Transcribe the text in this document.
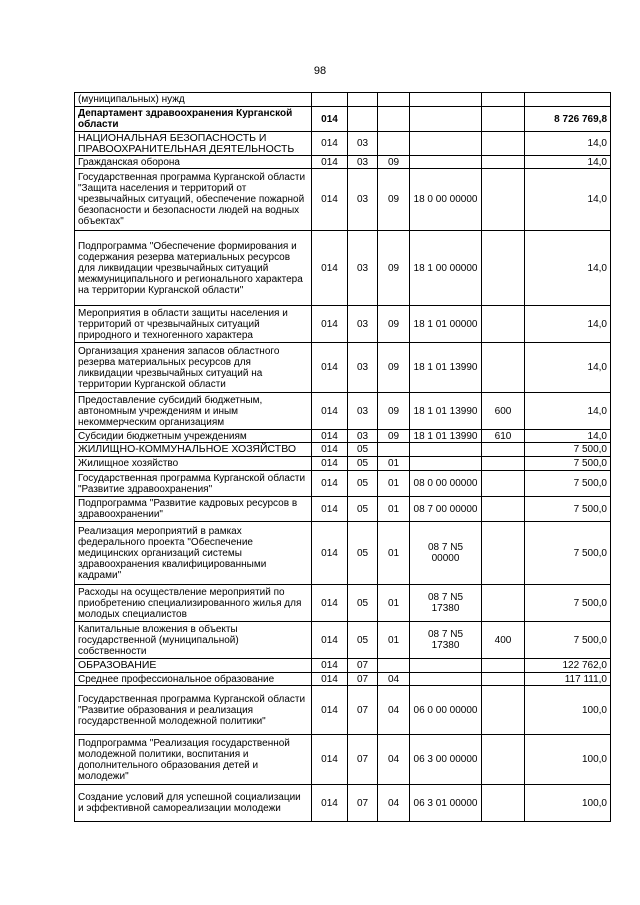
98
(муниципальных) нужд						
Департамент здравоохранения Курганской области	014					8 726 769,8
НАЦИОНАЛЬНАЯ БЕЗОПАСНОСТЬ И ПРАВООХРАНИТЕЛЬНАЯ ДЕЯТЕЛЬНОСТЬ	014	03				14,0
Гражданская оборона	014	03	09			14,0
Государственная программа Курганской области "Защита населения и территорий от чрезвычайных ситуаций, обеспечение пожарной безопасности и безопасности людей на водных объектах"	014	03	09	18 0 00 00000		14,0
Подпрограмма "Обеспечение формирования и содержания резерва материальных ресурсов для ликвидации чрезвычайных ситуаций межмуниципального и регионального характера на территории Курганской области"	014	03	09	18 1 00 00000		14,0
Мероприятия в области защиты населения и территорий от чрезвычайных ситуаций природного и техногенного характера	014	03	09	18 1 01 00000		14,0
Организация хранения запасов областного резерва материальных ресурсов для ликвидации чрезвычайных ситуаций на территории Курганской области	014	03	09	18 1 01 13990		14,0
Предоставление субсидий бюджетным, автономным учреждениям и иным некоммерческим организациям	014	03	09	18 1 01 13990	600	14,0
Субсидии бюджетным учреждениям	014	03	09	18 1 01 13990	610	14,0
ЖИЛИЩНО-КОММУНАЛЬНОЕ ХОЗЯЙСТВО	014	05				7 500,0
Жилищное хозяйство	014	05	01			7 500,0
Государственная программа Курганской области "Развитие здравоохранения"	014	05	01	08 0 00 00000		7 500,0
Подпрограмма "Развитие кадровых ресурсов в здравоохранении"	014	05	01	08 7 00 00000		7 500,0
Реализация мероприятий в рамках федерального проекта "Обеспечение медицинских организаций системы здравоохранения квалифицированными кадрами"	014	05	01	08 7 N5 00000		7 500,0
Расходы на осуществление мероприятий по приобретению специализированного жилья для молодых специалистов	014	05	01	08 7 N5 17380		7 500,0
Капитальные вложения в объекты государственной (муниципальной) собственности	014	05	01	08 7 N5 17380	400	7 500,0
ОБРАЗОВАНИЕ	014	07				122 762,0
Среднее профессиональное образование	014	07	04			117 111,0
Государственная программа Курганской области "Развитие образования и реализация государственной молодежной политики"	014	07	04	06 0 00 00000		100,0
Подпрограмма "Реализация государственной молодежной политики, воспитания и дополнительного образования детей и молодежи"	014	07	04	06 3 00 00000		100,0
Создание условий для успешной социализации и эффективной самореализации молодежи	014	07	04	06 3 01 00000		100,0
